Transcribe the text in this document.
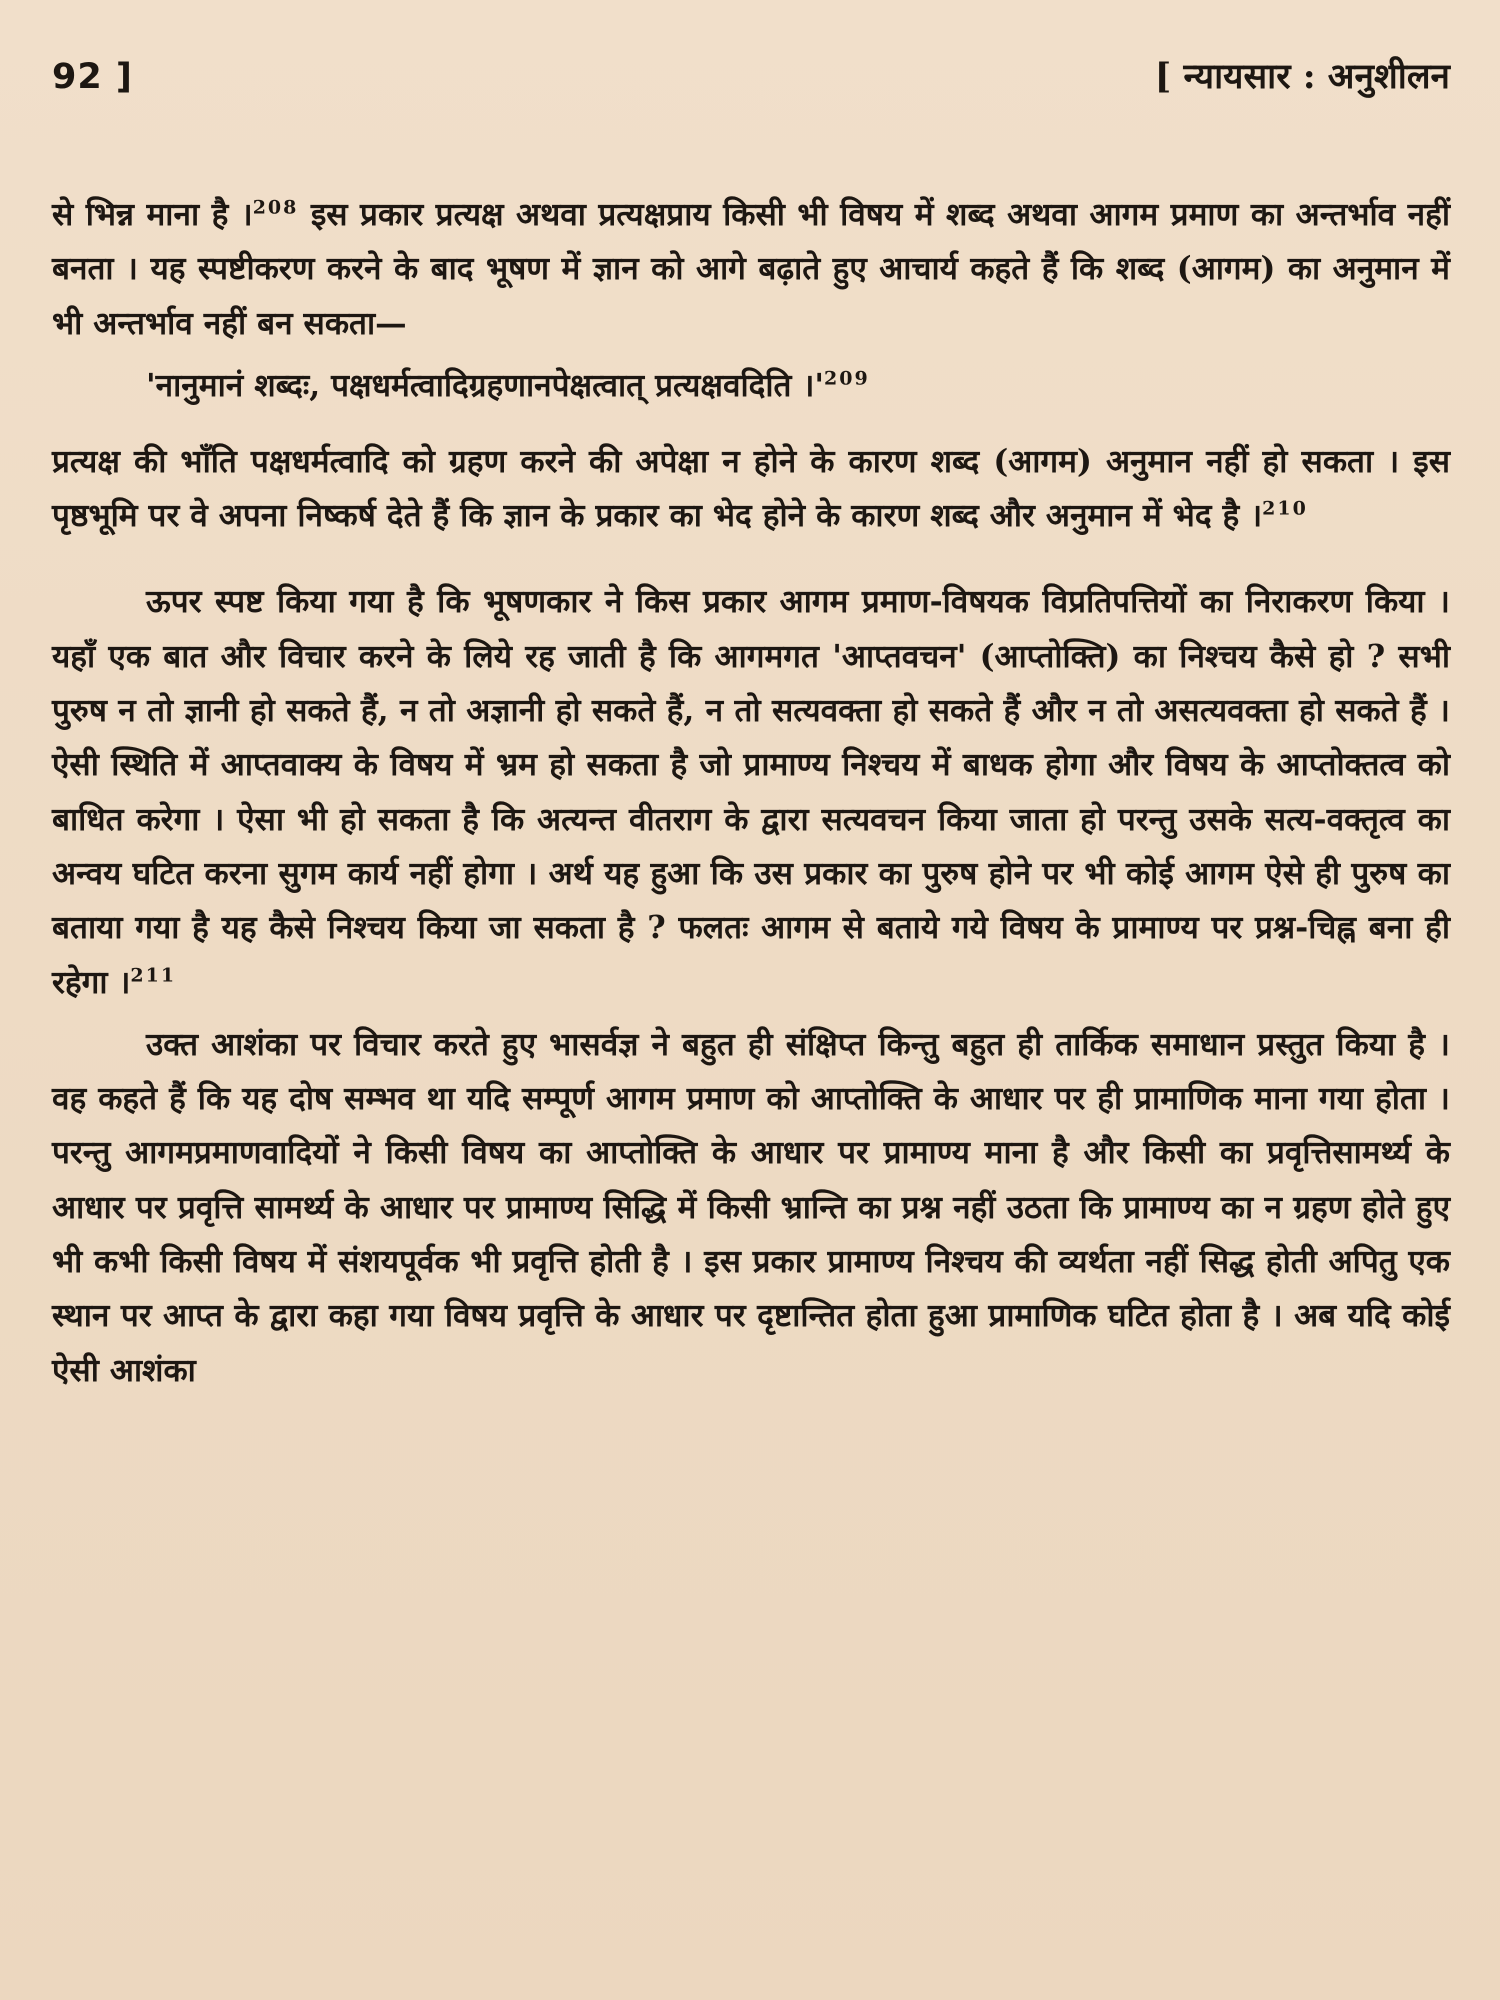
92 ]	[ न्यायसार : अनुशीलन

से भिन्न माना है ।$^{208}$ इस प्रकार प्रत्यक्ष अथवा प्रत्यक्षप्राय किसी भी विषय में शब्द अथवा आगम प्रमाण का अन्तर्भाव नहीं बनता । यह स्पष्टीकरण करने के बाद भूषण में ज्ञान को आगे बढ़ाते हुए आचार्य कहते हैं कि शब्द (आगम) का अनुमान में भी अन्तर्भाव नहीं बन सकता—

'नानुमानं शब्दः, पक्षधर्मत्वादिग्रहणानपेक्षत्वात् प्रत्यक्षवदिति ।'$^{209}$

प्रत्यक्ष की भाँति पक्षधर्मत्वादि को ग्रहण करने की अपेक्षा न होने के कारण शब्द (आगम) अनुमान नहीं हो सकता । इस पृष्ठभूमि पर वे अपना निष्कर्ष देते हैं कि ज्ञान के प्रकार का भेद होने के कारण शब्द और अनुमान में भेद है ।$^{210}$

ऊपर स्पष्ट किया गया है कि भूषणकार ने किस प्रकार आगम प्रमाण-विषयक विप्रतिपत्तियों का निराकरण किया । यहाँ एक बात और विचार करने के लिये रह जाती है कि आगमगत 'आप्तवचन' (आप्तोक्ति) का निश्चय कैसे हो ? सभी पुरुष न तो ज्ञानी हो सकते हैं, न तो अज्ञानी हो सकते हैं, न तो सत्यवक्ता हो सकते हैं और न तो असत्यवक्ता हो सकते हैं । ऐसी स्थिति में आप्तवाक्य के विषय में भ्रम हो सकता है जो प्रामाण्य निश्चय में बाधक होगा और विषय के आप्तोक्तत्व को बाधित करेगा । ऐसा भी हो सकता है कि अत्यन्त वीतराग के द्वारा सत्यवचन किया जाता हो परन्तु उसके सत्य-वक्तृत्व का अन्वय घटित करना सुगम कार्य नहीं होगा । अर्थ यह हुआ कि उस प्रकार का पुरुष होने पर भी कोई आगम ऐसे ही पुरुष का बताया गया है यह कैसे निश्चय किया जा सकता है ? फलतः आगम से बताये गये विषय के प्रामाण्य पर प्रश्न-चिह्न बना ही रहेगा ।$^{211}$

उक्त आशंका पर विचार करते हुए भासर्वज्ञ ने बहुत ही संक्षिप्त किन्तु बहुत ही तार्किक समाधान प्रस्तुत किया है । वह कहते हैं कि यह दोष सम्भव था यदि सम्पूर्ण आगम प्रमाण को आप्तोक्ति के आधार पर ही प्रामाणिक माना गया होता । परन्तु आगमप्रमाणवादियों ने किसी विषय का आप्तोक्ति के आधार पर प्रामाण्य माना है और किसी का प्रवृत्तिसामर्थ्य के आधार पर प्रवृत्ति सामर्थ्य के आधार पर प्रामाण्य सिद्धि में किसी भ्रान्ति का प्रश्न नहीं उठता कि प्रामाण्य का न ग्रहण होते हुए भी कभी किसी विषय में संशयपूर्वक भी प्रवृत्ति होती है । इस प्रकार प्रामाण्य निश्चय की व्यर्थता नहीं सिद्ध होती अपितु एक स्थान पर आप्त के द्वारा कहा गया विषय प्रवृत्ति के आधार पर दृष्टान्तित होता हुआ प्रामाणिक घटित होता है । अब यदि कोई ऐसी आशंका
